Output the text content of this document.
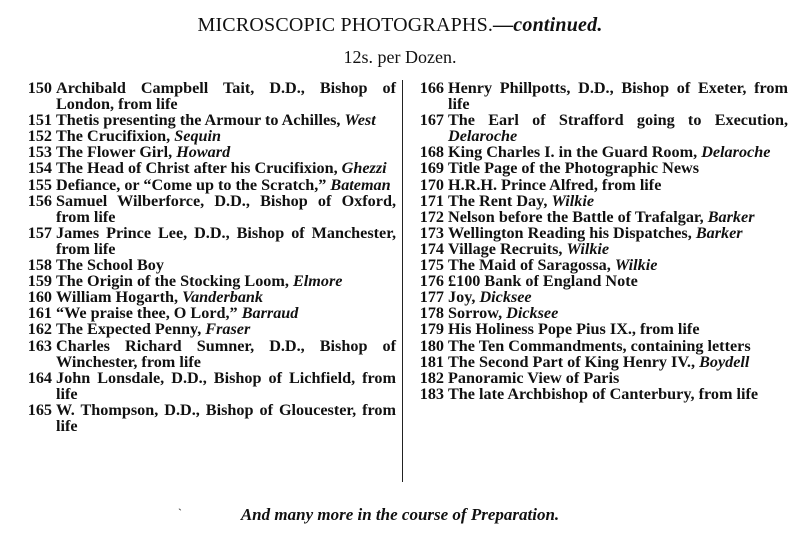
MICROSCOPIC PHOTOGRAPHS.—continued.
12s. per Dozen.
150 Archibald Campbell Tait, D.D., Bishop of London, from life
151 Thetis presenting the Armour to Achilles, West
152 The Crucifixion, Sequin
153 The Flower Girl, Howard
154 The Head of Christ after his Crucifixion, Ghezzi
155 Defiance, or “Come up to the Scratch,” Bateman
156 Samuel Wilberforce, D.D., Bishop of Oxford, from life
157 James Prince Lee, D.D., Bishop of Manchester, from life
158 The School Boy
159 The Origin of the Stocking Loom, Elmore
160 William Hogarth, Vanderbank
161 “We praise thee, O Lord,” Barraud
162 The Expected Penny, Fraser
163 Charles Richard Sumner, D.D., Bishop of Winchester, from life
164 John Lonsdale, D.D., Bishop of Lichfield, from life
165 W. Thompson, D.D., Bishop of Gloucester, from life
166 Henry Phillpotts, D.D., Bishop of Exeter, from life
167 The Earl of Strafford going to Execution, Delaroche
168 King Charles I. in the Guard Room, Delaroche
169 Title Page of the Photographic News
170 H.R.H. Prince Alfred, from life
171 The Rent Day, Wilkie
172 Nelson before the Battle of Trafalgar, Barker
173 Wellington Reading his Dispatches, Barker
174 Village Recruits, Wilkie
175 The Maid of Saragossa, Wilkie
176 £100 Bank of England Note
177 Joy, Dicksee
178 Sorrow, Dicksee
179 His Holiness Pope Pius IX., from life
180 The Ten Commandments, containing letters
181 The Second Part of King Henry IV., Boydell
182 Panoramic View of Paris
183 The late Archbishop of Canterbury, from life
ˋ	And many more in the course of Preparation.
